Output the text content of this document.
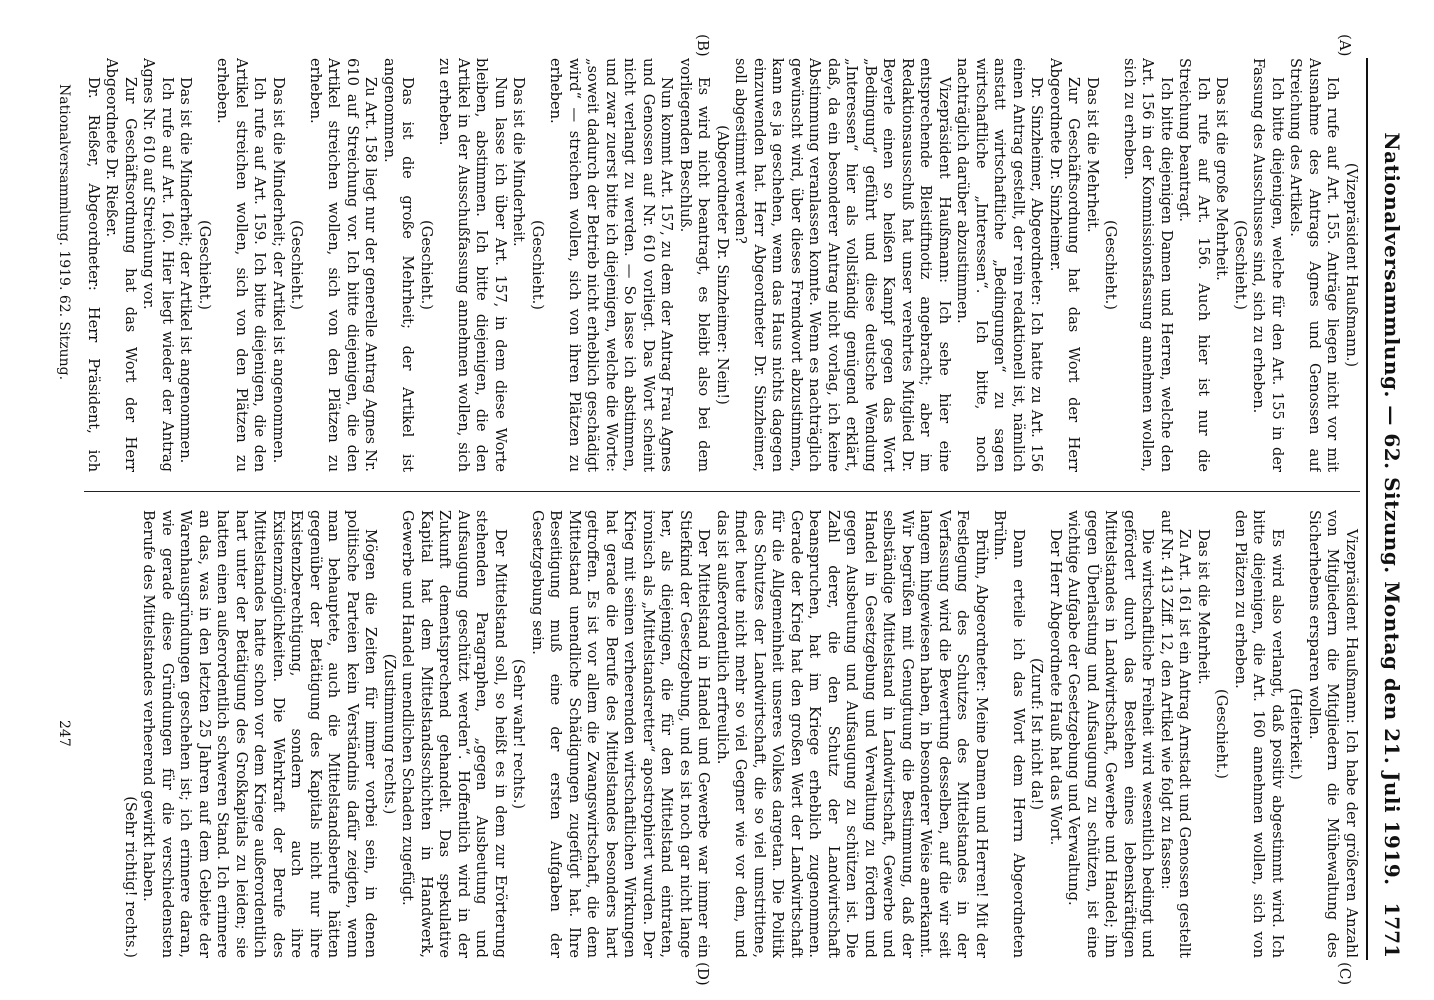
Nationalversammlung. — 62. Sitzung. Montag den 21. Juli 1919.
1771
(A)
(B)
(C)
(D)

(Vizepräsident Haußmann.)

Ich rufe auf Art. 155. Anträge liegen nicht vor mit Ausnahme des Antrags Agnes und Genossen auf Streichung des Artikels.

Ich bitte diejenigen, welche für den Art. 155 in der Fassung des Ausschusses sind, sich zu erheben.

(Geschieht.)

Das ist die große Mehrheit.

Ich rufe auf Art. 156. Auch hier ist nur die Streichung beantragt.

Ich bitte diejenigen Damen und Herren, welche den Art. 156 in der Kommissionsfassung annehmen wollen, sich zu erheben.

(Geschieht.)

Das ist die Mehrheit.

Zur Geschäftsordnung hat das Wort der Herr Abgeordnete Dr. Sinzheimer.

Dr. Sinzheimer, Abgeordneter: Ich hatte zu Art. 156 einen Antrag gestellt, der rein redaktionell ist, nämlich anstatt wirtschaftliche „Bedingungen“ zu sagen wirtschaftliche „Interessen“. Ich bitte, noch nachträglich darüber abzustimmen.

Vizepräsident Haußmann: Ich sehe hier eine entsprechende Bleistiftnotiz angebracht; aber im Redaktionsausschuß hat unser verehrtes Mitglied Dr. Beyerle einen so heißen Kampf gegen das Wort „Bedingung“ geführt und diese deutsche Wendung „Interessen“ hier als vollständig genügend erklärt, daß, da ein besonderer Antrag nicht vorlag, ich keine Abstimmung veranlassen konnte. Wenn es nachträglich gewünscht wird, über dieses Fremdwort abzustimmen, kann es ja geschehen, wenn das Haus nichts dagegen einzuwenden hat. Herr Abgeordneter Dr. Sinzheimer, soll abgestimmt werden?

(Abgeordneter Dr. Sinzheimer: Nein!)

Es wird nicht beantragt, es bleibt also bei dem vorliegenden Beschluß.

Nun kommt Art. 157, zu dem der Antrag Frau Agnes und Genossen auf Nr. 610 vorliegt. Das Wort scheint nicht verlangt zu werden. — So lasse ich abstimmen, und zwar zuerst bitte ich diejenigen, welche die Worte: „soweit dadurch der Betrieb nicht erheblich geschädigt wird“ — streichen wollen, sich von ihren Plätzen zu erheben.

(Geschieht.)

Das ist die Minderheit.

Nun lasse ich über Art. 157, in dem diese Worte bleiben, abstimmen. Ich bitte diejenigen, die den Artikel in der Ausschußfassung annehmen wollen, sich zu erheben.

(Geschieht.)

Das ist die große Mehrheit; der Artikel ist angenommen.

Zu Art. 158 liegt nur der generelle Antrag Agnes Nr. 610 auf Streichung vor. Ich bitte diejenigen, die den Artikel streichen wollen, sich von den Plätzen zu erheben.

(Geschieht.)

Das ist die Minderheit; der Artikel ist angenommen.

Ich rufe auf Art. 159. Ich bitte diejenigen, die den Artikel streichen wollen, sich von den Plätzen zu erheben.

(Geschieht.)

Das ist die Minderheit; der Artikel ist angenommen.

Ich rufe auf Art. 160. Hier liegt wieder der Antrag Agnes Nr. 610 auf Streichung vor.

Zur Geschäftsordnung hat das Wort der Herr Abgeordnete Dr. Rießer.

Dr. Rießer, Abgeordneter: Herr Präsident, ich

Vizepräsident Haußmann: Ich habe der größeren Anzahl von Mitgliedern die Mitgliedern die Mühewaltung des Sicherhebens ersparen wollen.

(Heiterkeit.)

Es wird also verlangt, daß positiv abgestimmt wird. Ich bitte diejenigen, die Art. 160 annehmen wollen, sich von den Plätzen zu erheben.

(Geschieht.)

Das ist die Mehrheit.

Zu Art. 161 ist ein Antrag Arnstadt und Genossen gestellt auf Nr. 413 Ziff. 12, den Artikel wie folgt zu fassen:

Die wirtschaftliche Freiheit wird wesentlich bedingt und gefördert durch das Bestehen eines lebenskräftigen Mittelstandes in Landwirtschaft, Gewerbe und Handel; ihn gegen Überlastung und Aufsaugung zu schützen, ist eine wichtige Aufgabe der Gesetzgebung und Verwaltung.

Der Herr Abgeordnete Hauß hat das Wort.

(Zuruf: Ist nicht da!)

Dann erteile ich das Wort dem Herrn Abgeordneten Brühn.

Brühn, Abgeordneter: Meine Damen und Herren! Mit der Festlegung des Schutzes des Mittelstandes in der Verfassung wird die Bewertung desselben, auf die wir seit langem hingewiesen haben, in besonderer Weise anerkannt. Wir begrüßen mit Genugtuung die Bestimmung, daß der selbständige Mittelstand in Landwirtschaft, Gewerbe und Handel in Gesetzgebung und Verwaltung zu fördern und gegen Ausbeutung und Aufsaugung zu schützen ist. Die Zahl derer, die den Schutz der Landwirtschaft beanspruchen, hat im Kriege erheblich zugenommen. Gerade der Krieg hat den großen Wert der Landwirtschaft für die Allgemeinheit unseres Volkes dargetan. Die Politik des Schutzes der Landwirtschaft, die so viel umstrittene, findet heute nicht mehr so viel Gegner wie vor dem, und das ist außerordentlich erfreulich.

Der Mittelstand in Handel und Gewerbe war immer ein Stiefkind der Gesetzgebung, und es ist noch gar nicht lange her, als diejenigen, die für den Mittelstand eintraten, ironisch als „Mittelstandsretter“ apostrophiert wurden. Der Krieg mit seinen verheerenden wirtschaftlichen Wirkungen hat gerade die Berufe des Mittelstandes besonders hart getroffen. Es ist vor allem die Zwangswirtschaft, die dem Mittelstand unendliche Schädigungen zugefügt hat. Ihre Beseitigung muß eine der ersten Aufgaben der Gesetzgebung sein.

(Sehr wahr! rechts.)

Der Mittelstand soll, so heißt es in dem zur Erörterung stehenden Paragraphen, „gegen Ausbeutung und Aufsaugung geschützt werden“. Hoffentlich wird in der Zukunft dementsprechend gehandelt. Das spekulative Kapital hat dem Mittelstandsschichten in Handwerk, Gewerbe und Handel unendlichen Schaden zugefügt.

(Zustimmung rechts.)

Mögen die Zeiten für immer vorbei sein, in denen politische Parteien kein Verständnis dafür zeigten, wenn man behauptete, auch die Mittelstandsberufe hätten gegenüber der Betätigung des Kapitals nicht nur ihre Existenzberechtigung, sondern auch ihre Existenzmöglichkeiten. Die Wehrkraft der Berufe des Mittelstandes hatte schon vor dem Kriege außerordentlich hart unter der Betätigung des Großkapitals zu leiden; sie hatten einen außerordentlich schweren Stand. Ich erinnere an das, was in den letzten 25 Jahren auf dem Gebiete der Warenhausgründungen geschehen ist; ich erinnere daran, wie gerade diese Gründungen für die verschiedensten Berufe des Mittelstandes verheerend gewirkt haben.

(Sehr richtig! rechts.)

Nationalversammlung. 1919. 62. Sitzung.
247
